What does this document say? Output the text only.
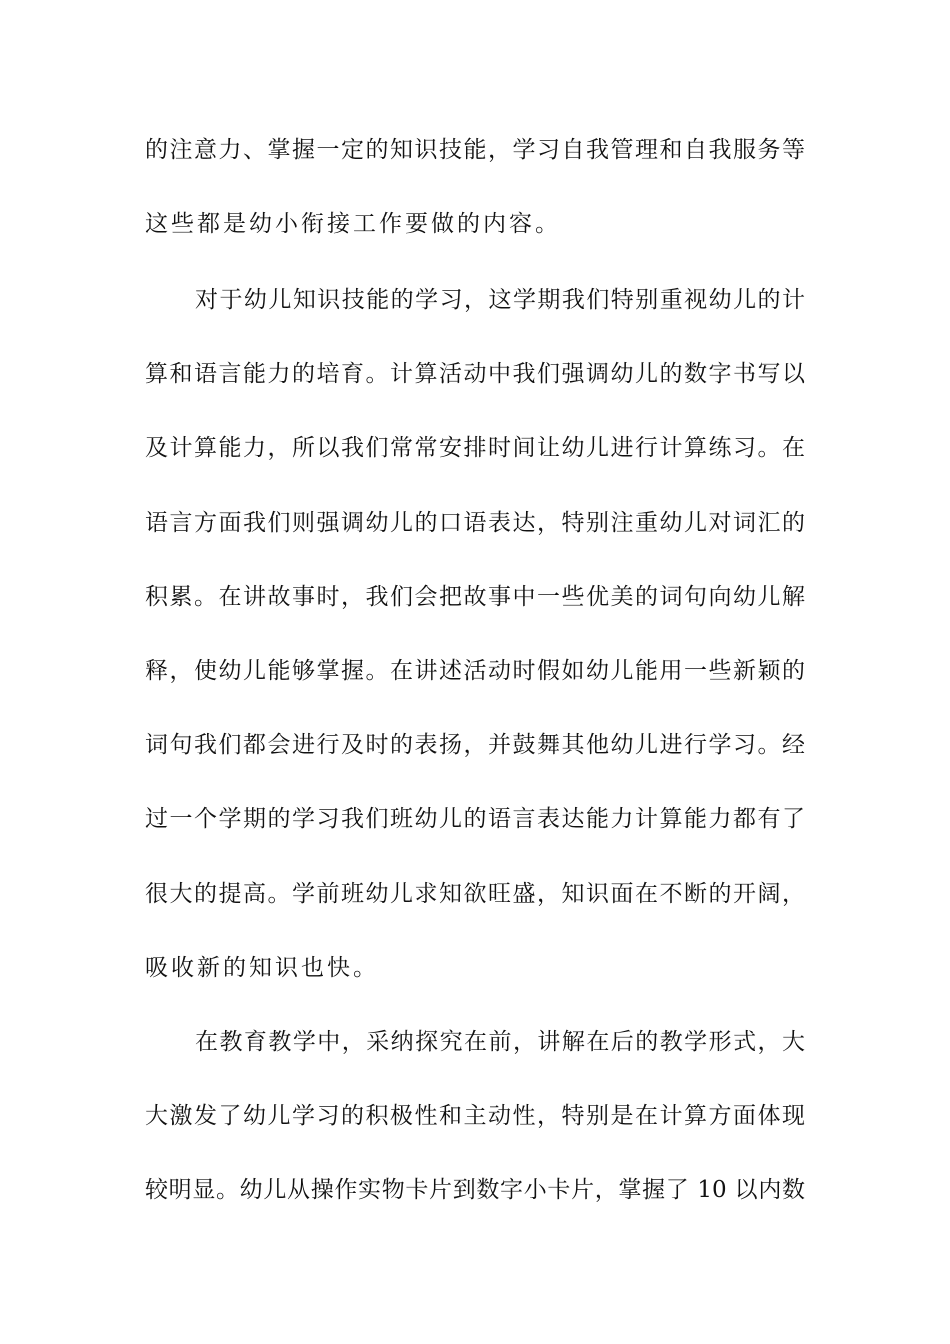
的注意力、掌握一定的知识技能，学习自我管理和自我服务等
这些都是幼小衔接工作要做的内容。
对于幼儿知识技能的学习，这学期我们特别重视幼儿的计
算和语言能力的培育。计算活动中我们强调幼儿的数字书写以
及计算能力，所以我们常常安排时间让幼儿进行计算练习。在
语言方面我们则强调幼儿的口语表达，特别注重幼儿对词汇的
积累。在讲故事时，我们会把故事中一些优美的词句向幼儿解
释，使幼儿能够掌握。在讲述活动时假如幼儿能用一些新颖的
词句我们都会进行及时的表扬，并鼓舞其他幼儿进行学习。经
过一个学期的学习我们班幼儿的语言表达能力计算能力都有了
很大的提高。学前班幼儿求知欲旺盛，知识面在不断的开阔，
吸收新的知识也快。
在教育教学中，采纳探究在前，讲解在后的教学形式，大
大激发了幼儿学习的积极性和主动性，特别是在计算方面体现
较明显。幼儿从操作实物卡片到数字小卡片，掌握了 10 以内数
